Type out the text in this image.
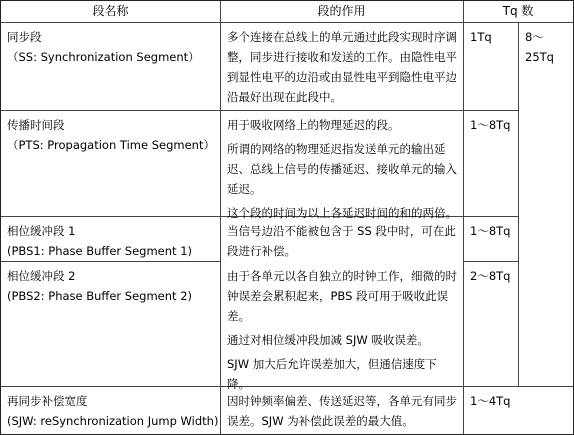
段名称	段的作用	Tq 数
同步段
（SS: Synchronization Segment）

多个连接在总线上的单元通过此段实现时序调整，同步进行接收和发送的工作。由隐性电平到显性电平的边沿或由显性电平到隐性电平边沿最好出现在此段中。

1Tq
传播时间段
（PTS: Propagation Time Segment）

用于吸收网络上的物理延迟的段。

所谓的网络的物理延迟指发送单元的输出延迟、总线上信号的传播延迟、接收单元的输入延迟。

这个段的时间为以上各延迟时间的和的两倍。

1～8Tq
相位缓冲段 1
(PBS1: Phase Buffer Segment 1)

当信号边沿不能被包含于 SS 段中时，可在此段进行补偿。

1～8Tq
相位缓冲段 2
(PBS2: Phase Buffer Segment 2)

由于各单元以各自独立的时钟工作，细微的时钟误差会累积起来，PBS 段可用于吸收此误差。

通过对相位缓冲段加减 SJW 吸收误差。

SJW 加大后允许误差加大，但通信速度下降。

2～8Tq
8～
25Tq
再同步补偿宽度
(SJW: reSynchronization Jump Width)

因时钟频率偏差、传送延迟等，各单元有同步误差。SJW 为补偿此误差的最大值。

1～4Tq
